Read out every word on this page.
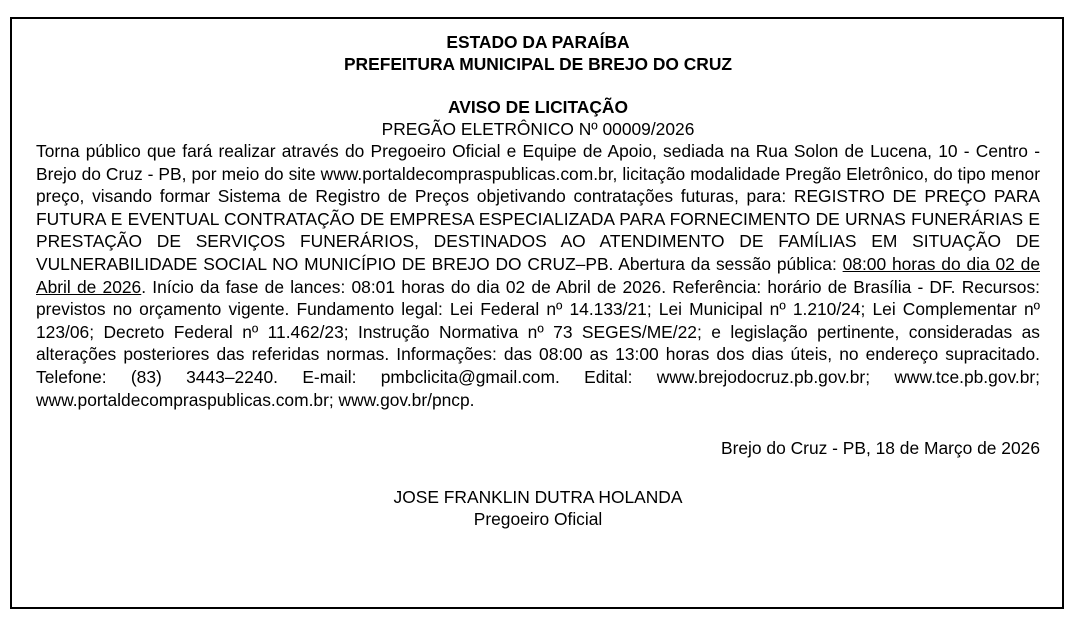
ESTADO DA PARAÍBA

PREFEITURA MUNICIPAL DE BREJO DO CRUZ

AVISO DE LICITAÇÃO

PREGÃO ELETRÔNICO Nº 00009/2026

Torna público que fará realizar através do Pregoeiro Oficial e Equipe de Apoio, sediada na Rua Solon de Lucena, 10 - Centro - Brejo do Cruz - PB, por meio do site www.portaldecompraspublicas.com.br, licitação modalidade Pregão Eletrônico, do tipo menor preço, visando formar Sistema de Registro de Preços objetivando contratações futuras, para: REGISTRO DE PREÇO PARA FUTURA E EVENTUAL CONTRATAÇÃO DE EMPRESA ESPECIALIZADA PARA FORNECIMENTO DE URNAS FUNERÁRIAS E PRESTAÇÃO DE SERVIÇOS FUNERÁRIOS, DESTINADOS AO ATENDIMENTO DE FAMÍLIAS EM SITUAÇÃO DE VULNERABILIDADE SOCIAL NO MUNICÍPIO DE BREJO DO CRUZ–PB. Abertura da sessão pública: 08:00 horas do dia 02 de Abril de 2026. Início da fase de lances: 08:01 horas do dia 02 de Abril de 2026. Referência: horário de Brasília - DF. Recursos: previstos no orçamento vigente. Fundamento legal: Lei Federal nº 14.133/21; Lei Municipal nº 1.210/24; Lei Complementar nº 123/06; Decreto Federal nº 11.462/23; Instrução Normativa nº 73 SEGES/ME/22; e legislação pertinente, consideradas as alterações posteriores das referidas normas. Informações: das 08:00 as 13:00 horas dos dias úteis, no endereço supracitado. Telefone: (83) 3443–2240. E-mail: pmbclicita@gmail.com. Edital: www.brejodocruz.pb.gov.br; www.tce.pb.gov.br; www.portaldecompraspublicas.com.br; www.gov.br/pncp.

Brejo do Cruz - PB, 18 de Março de 2026

JOSE FRANKLIN DUTRA HOLANDA

Pregoeiro Oficial
